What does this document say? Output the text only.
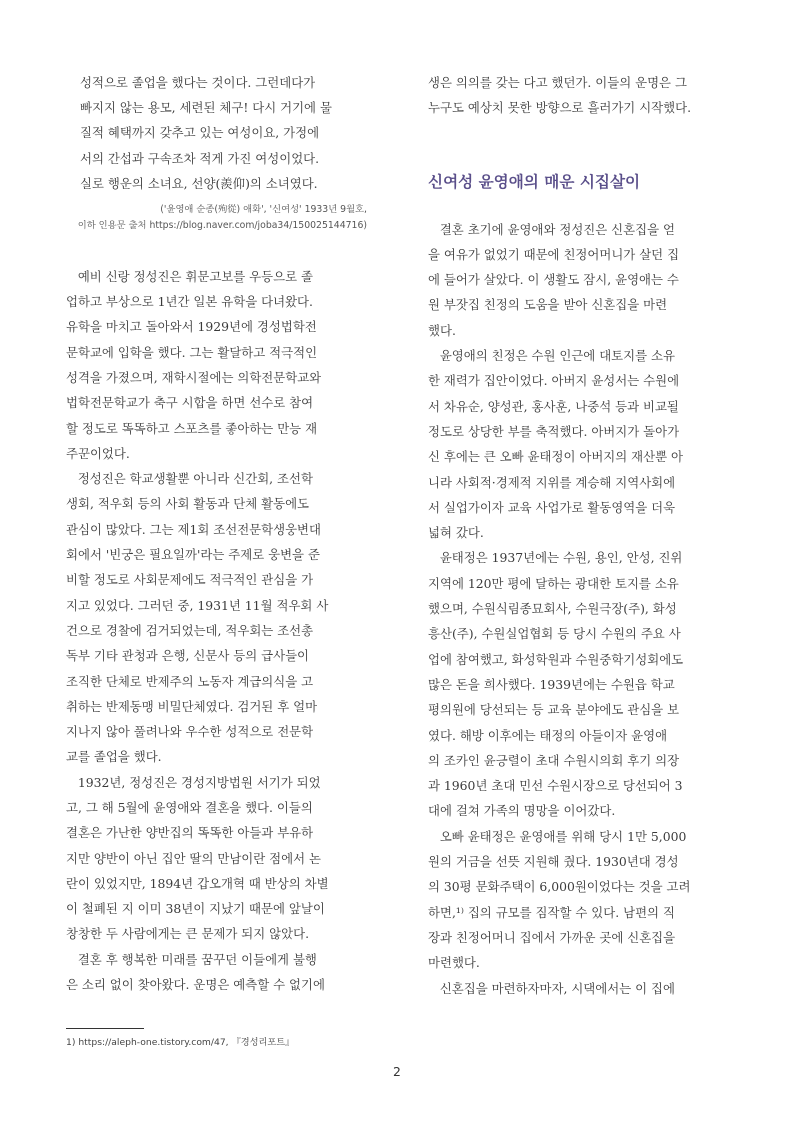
성적으로 졸업을 했다는 것이다. 그런데다가
빠지지 않는 용모, 세련된 체구! 다시 거기에 물
질적 혜택까지 갖추고 있는 여성이요, 가정에
서의 간섭과 구속조차 적게 가진 여성이었다.
실로 행운의 소녀요, 선양(羨仰)의 소녀였다.
('윤영애 순종(殉從) 애화', '신여성' 1933년 9월호,
이하 인용문 출처 https://blog.naver.com/joba34/150025144716)
예비 신랑 정성진은 휘문고보를 우등으로 졸
업하고 부상으로 1년간 일본 유학을 다녀왔다.
유학을 마치고 돌아와서 1929년에 경성법학전
문학교에 입학을 했다. 그는 활달하고 적극적인
성격을 가졌으며, 재학시절에는 의학전문학교와
법학전문학교가 축구 시합을 하면 선수로 참여
할 정도로 똑똑하고 스포츠를 좋아하는 만능 재
주꾼이었다.
정성진은 학교생활뿐 아니라 신간회, 조선학
생회, 적우회 등의 사회 활동과 단체 활동에도
관심이 많았다. 그는 제1회 조선전문학생웅변대
회에서 '빈궁은 필요일까'라는 주제로 웅변을 준
비할 정도로 사회문제에도 적극적인 관심을 가
지고 있었다. 그러던 중, 1931년 11월 적우회 사
건으로 경찰에 검거되었는데, 적우회는 조선총
독부 기타 관청과 은행, 신문사 등의 급사들이
조직한 단체로 반제주의 노동자 계급의식을 고
취하는 반제동맹 비밀단체였다. 검거된 후 얼마
지나지 않아 풀려나와 우수한 성적으로 전문학
교를 졸업을 했다.
1932년, 정성진은 경성지방법원 서기가 되었
고, 그 해 5월에 윤영애와 결혼을 했다. 이들의
결혼은 가난한 양반집의 똑똑한 아들과 부유하
지만 양반이 아닌 집안 딸의 만남이란 점에서 논
란이 있었지만, 1894년 갑오개혁 때 반상의 차별
이 철폐된 지 이미 38년이 지났기 때문에 앞날이
창창한 두 사람에게는 큰 문제가 되지 않았다.
결혼 후 행복한 미래를 꿈꾸던 이들에게 불행
은 소리 없이 찾아왔다. 운명은 예측할 수 없기에
생은 의의를 갖는 다고 했던가. 이들의 운명은 그
누구도 예상치 못한 방향으로 흘러가기 시작했다.
신여성 윤영애의 매운 시집살이
결혼 초기에 윤영애와 정성진은 신혼집을 얻
을 여유가 없었기 때문에 친정어머니가 살던 집
에 들어가 살았다. 이 생활도 잠시, 윤영애는 수
원 부잣집 친정의 도움을 받아 신혼집을 마련
했다.
윤영애의 친정은 수원 인근에 대토지를 소유
한 재력가 집안이었다. 아버지 윤성서는 수원에
서 차유순, 양성관, 홍사훈, 나중석 등과 비교될
정도로 상당한 부를 축적했다. 아버지가 돌아가
신 후에는 큰 오빠 윤태정이 아버지의 재산뿐 아
니라 사회적·경제적 지위를 계승해 지역사회에
서 실업가이자 교육 사업가로 활동영역을 더욱
넓혀 갔다.
윤태정은 1937년에는 수원, 용인, 안성, 진위
지역에 120만 평에 달하는 광대한 토지를 소유
했으며, 수원식림종묘회사, 수원극장(주), 화성
흥산(주), 수원실업협회 등 당시 수원의 주요 사
업에 참여했고, 화성학원과 수원중학기성회에도
많은 돈을 희사했다. 1939년에는 수원읍 학교
평의원에 당선되는 등 교육 분야에도 관심을 보
였다. 해방 이후에는 태정의 아들이자 윤영애
의 조카인 윤긍렬이 초대 수원시의회 후기 의장
과 1960년 초대 민선 수원시장으로 당선되어 3
대에 걸쳐 가족의 명망을 이어갔다.
오빠 윤태정은 윤영애를 위해 당시 1만 5,000
원의 거금을 선뜻 지원해 줬다. 1930년대 경성
의 30평 문화주택이 6,000원이었다는 것을 고려
하면,¹⁾ 집의 규모를 짐작할 수 있다. 남편의 직
장과 친정어머니 집에서 가까운 곳에 신혼집을
마련했다.
신혼집을 마련하자마자, 시댁에서는 이 집에
1) https://aleph-one.tistory.com/47, 『경성리포트』
2
